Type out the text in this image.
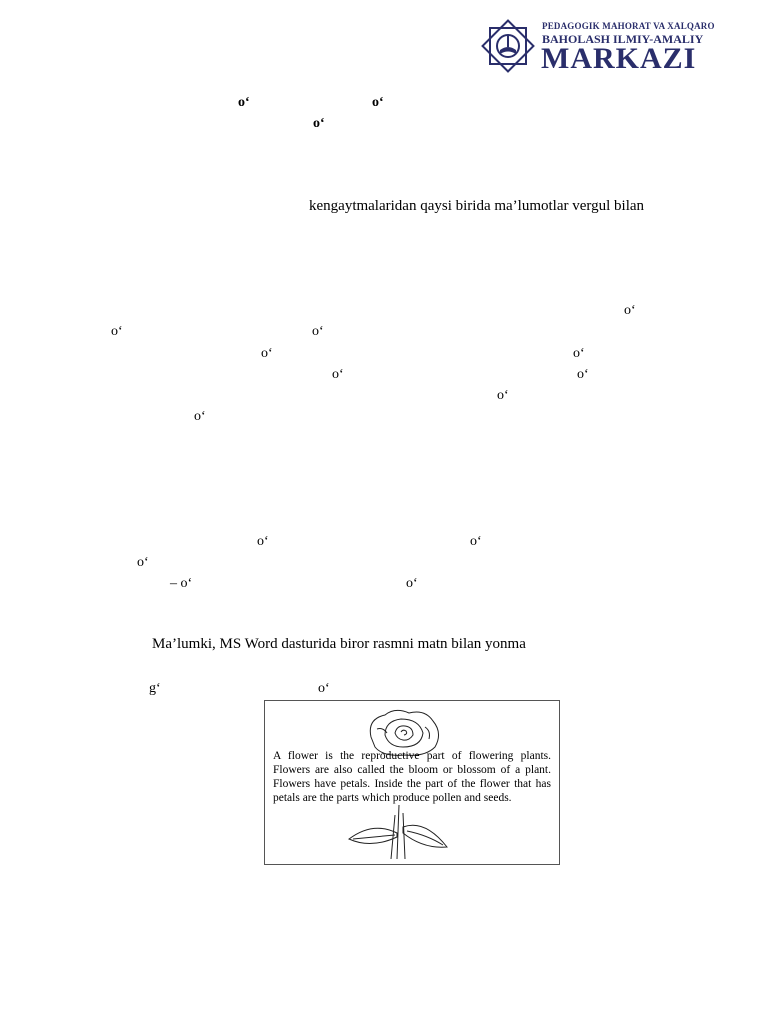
PEDAGOGIK MAHORAT VA XALQARO
BAHOLASH ILMIY-AMALIY
MARKAZI
o‘	o‘
o‘
kengaytmalaridan qaysi birida ma’lumotlar vergul bilan
o‘
o‘	o‘
o‘	o‘
o‘	o‘
o‘
o‘
o‘	o‘
o‘
– o‘	o‘
Ma’lumki, MS Word dasturida biror rasmni matn bilan yonma
g‘	o‘
A flower is the reproductive part of flowering plants. Flowers are also called the bloom or blossom of a plant. Flowers have petals. Inside the part of the flower that has petals are the parts which produce pollen and seeds.
